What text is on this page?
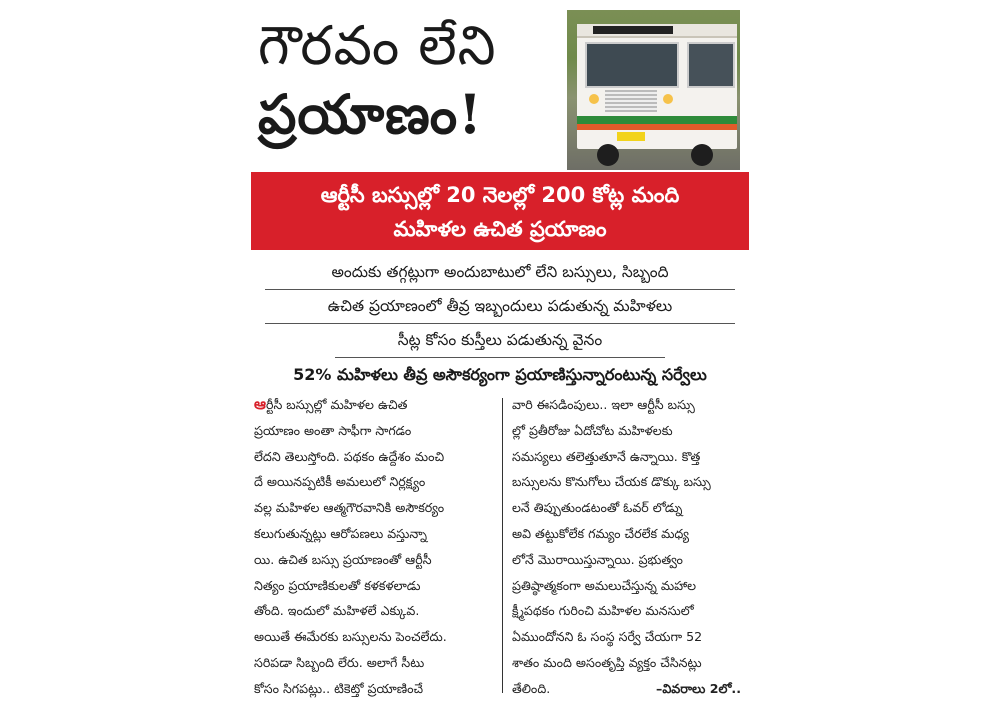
గౌరవం లేని
ప్రయాణం!
ఆర్టీసీ బస్సుల్లో 20 నెలల్లో 200 కోట్ల మంది
మహిళల ఉచిత ప్రయాణం
అందుకు తగ్గట్లుగా అందుబాటులో లేని బస్సులు, సిబ్బంది
ఉచిత ప్రయాణంలో తీవ్ర ఇబ్బందులు పడుతున్న మహిళలు
సీట్ల కోసం కుస్తీలు పడుతున్న వైనం
52% మహిళలు తీవ్ర అసౌకర్యంగా ప్రయాణిస్తున్నారంటున్న సర్వేలు
ఆర్టీసీ బస్సుల్లో మహిళల ఉచిత
ప్రయాణం అంతా సాఫీగా సాగడం
లేదని తెలుస్తోంది. పథకం ఉద్దేశం మంచి
దే అయినప్పటికీ అమలులో నిర్లక్ష్యం
వల్ల మహిళల ఆత్మగౌరవానికి అసౌకర్యం
కలుగుతున్నట్లు ఆరోపణలు వస్తున్నా
యి. ఉచిత బస్సు ప్రయాణంతో ఆర్టీసీ
నిత్యం ప్రయాణికులతో కళకళలాడు
తోంది. ఇందులో మహిళలే ఎక్కువ.
అయితే ఈమేరకు బస్సులను పెంచలేదు.
సరిపడా సిబ్బంది లేరు. అలాగే సీటు
కోసం సిగపట్లు.. టికెట్తో ప్రయాణించే
వారి ఈసడింపులు.. ఇలా ఆర్టీసీ బస్సు
ల్లో ప్రతీరోజు ఏదోచోట మహిళలకు
సమస్యలు తలెత్తుతూనే ఉన్నాయి. కొత్త
బస్సులను కొనుగోలు చేయక డొక్కు బస్సు
లనే తిప్పుతుండటంతో ఓవర్ లోడ్ను
అవి తట్టుకోలేక గమ్యం చేరలేక మధ్య
లోనే మొరాయిస్తున్నాయి. ప్రభుత్వం
ప్రతిష్ఠాత్మకంగా అమలుచేస్తున్న మహాల
క్ష్మీపథకం గురించి మహిళల మనసులో
ఏముందోనని ఓ సంస్థ సర్వే చేయగా 52
శాతం మంది అసంతృప్తి వ్యక్తం చేసినట్లు
తేలింది.	–వివరాలు 2లో..
